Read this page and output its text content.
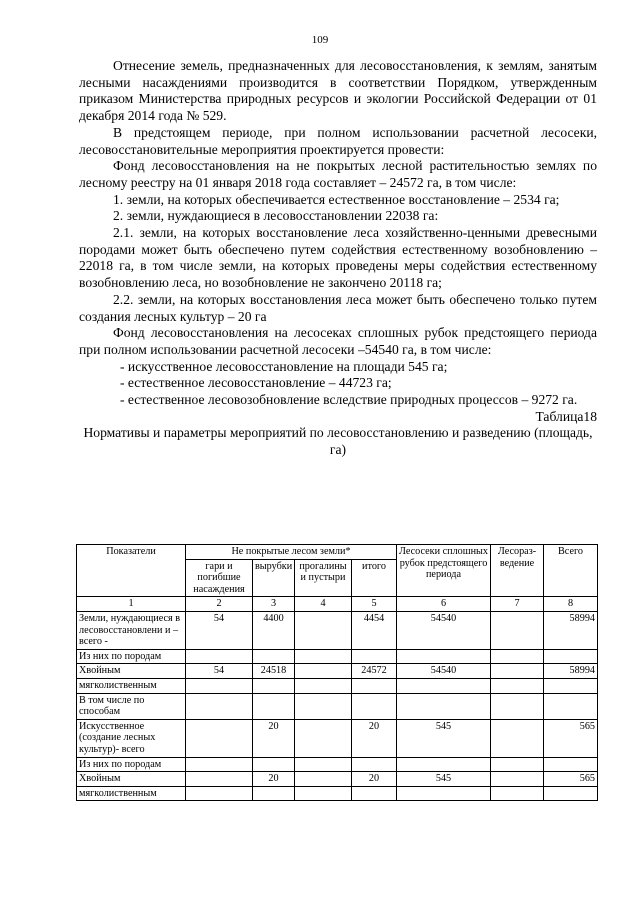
109

Отнесение земель, предназначенных для лесовосстановления, к землям, занятым лесными насаждениями производится в соответствии Порядком, утвержденным приказом Министерства природных ресурсов и экологии Российской Федерации от 01 декабря 2014 года № 529.

В предстоящем периоде, при полном использовании расчетной лесосеки, лесовосстановительные мероприятия проектируется провести:

Фонд лесовосстановления на не покрытых лесной растительностью землях по лесному реестру на 01 января 2018 года составляет – 24572 га, в том числе:

1. земли, на которых обеспечивается естественное восстановление – 2534 га;

2. земли, нуждающиеся в лесовосстановлении 22038 га:

2.1. земли, на которых восстановление леса хозяйственно-ценными древесными породами может быть обеспечено путем содействия естественному возобновлению – 22018 га, в том числе земли, на которых проведены меры содействия естественному возобновлению леса, но возобновление не закончено 20118 га;

2.2. земли, на которых восстановления леса может быть обеспечено только путем создания лесных культур – 20 га

Фонд лесовосстановления на лесосеках сплошных рубок предстоящего периода при полном использовании расчетной лесосеки –54540 га, в том числе:

- искусственное лесовосстановление на площади 545 га;

- естественное лесовосстановление – 44723 га;

- естественное лесовозобновление вследствие природных процессов – 9272 га.

Таблица18

Нормативы и параметры мероприятий по лесовосстановлению и разведению (площадь, га)

Показатели	Не покрытые лесом земли*				Лесосеки сплошных рубок предстоящего периода	Лесораз-ведение	Всего
	гари и погибшие насаждения	вырубки	прогалины и пустыри	итого			
1	2	3	4	5	6	7	8
Земли, нуждающиеся в лесовосстановлени и – всего -	54	4400		4454	54540		58994
Из них по породам							
Хвойным	54	24518		24572	54540		58994
мягколиственным							
В том числе по способам							
Искусственное (создание лесных культур)- всего		20		20	545		565
Из них по породам							
Хвойным		20		20	545		565
мягколиственным							
